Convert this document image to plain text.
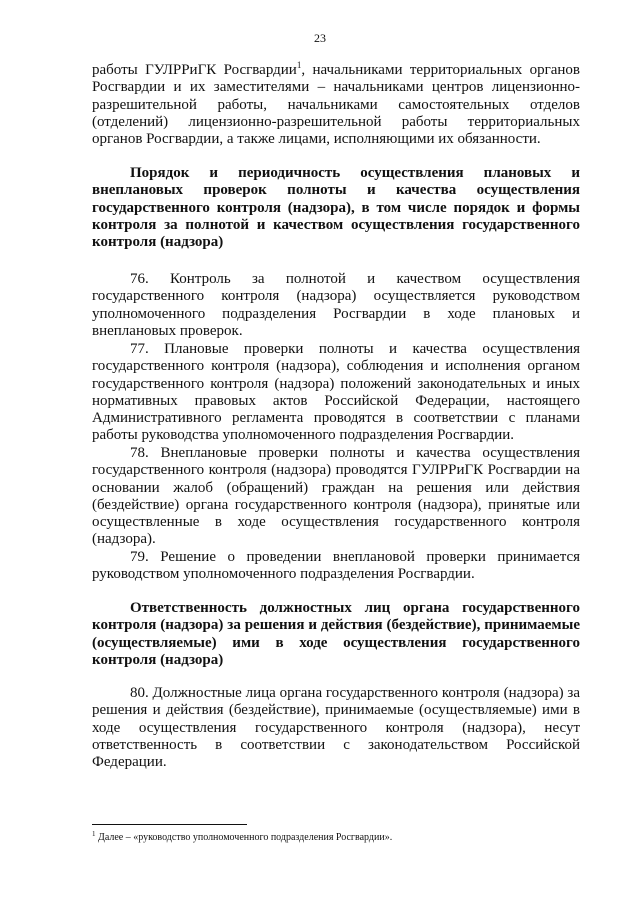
23
работы ГУЛРРиГК Росгвардии$^1$, начальниками территориальных органов Росгвардии и их заместителями – начальниками центров лицензионно-разрешительной работы, начальниками самостоятельных отделов (отделений) лицензионно-разрешительной работы территориальных органов Росгвардии, а также лицами, исполняющими их обязанности.
Порядок и периодичность осуществления плановых и внеплановых проверок полноты и качества осуществления государственного контроля (надзора), в том числе порядок и формы контроля за полнотой и качеством осуществления государственного контроля (надзора)
76. Контроль за полнотой и качеством осуществления государственного контроля (надзора) осуществляется руководством уполномоченного подразделения Росгвардии в ходе плановых и внеплановых проверок.
77. Плановые проверки полноты и качества осуществления государственного контроля (надзора), соблюдения и исполнения органом государственного контроля (надзора) положений законодательных и иных нормативных правовых актов Российской Федерации, настоящего Административного регламента проводятся в соответствии с планами работы руководства уполномоченного подразделения Росгвардии.
78. Внеплановые проверки полноты и качества осуществления государственного контроля (надзора) проводятся ГУЛРРиГК Росгвардии на основании жалоб (обращений) граждан на решения или действия (бездействие) органа государственного контроля (надзора), принятые или осуществленные в ходе осуществления государственного контроля (надзора).
79. Решение о проведении внеплановой проверки принимается руководством уполномоченного подразделения Росгвардии.
Ответственность должностных лиц органа государственного контроля (надзора) за решения и действия (бездействие), принимаемые (осуществляемые) ими в ходе осуществления государственного контроля (надзора)
80. Должностные лица органа государственного контроля (надзора) за решения и действия (бездействие), принимаемые (осуществляемые) ими в ходе осуществления государственного контроля (надзора), несут ответственность в соответствии с законодательством Российской Федерации.
$^1$ Далее – «руководство уполномоченного подразделения Росгвардии».
